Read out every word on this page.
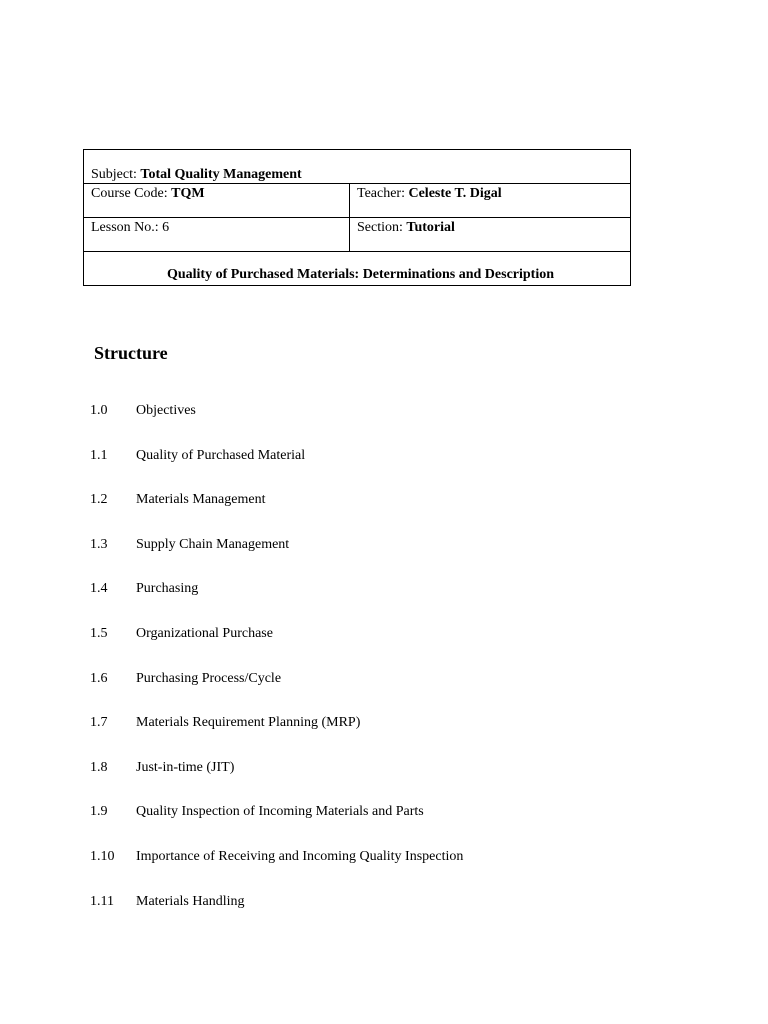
Subject: Total Quality Management	
Course Code: TQM	Teacher: Celeste T. Digal
Lesson No.: 6	Section: Tutorial
Quality of Purchased Materials: Determinations and Description	
Structure
1.0 Objectives
1.1 Quality of Purchased Material
1.2 Materials Management
1.3 Supply Chain Management
1.4 Purchasing
1.5 Organizational Purchase
1.6 Purchasing Process/Cycle
1.7 Materials Requirement Planning (MRP)
1.8 Just-in-time (JIT)
1.9 Quality Inspection of Incoming Materials and Parts
1.10 Importance of Receiving and Incoming Quality Inspection
1.11 Materials Handling
